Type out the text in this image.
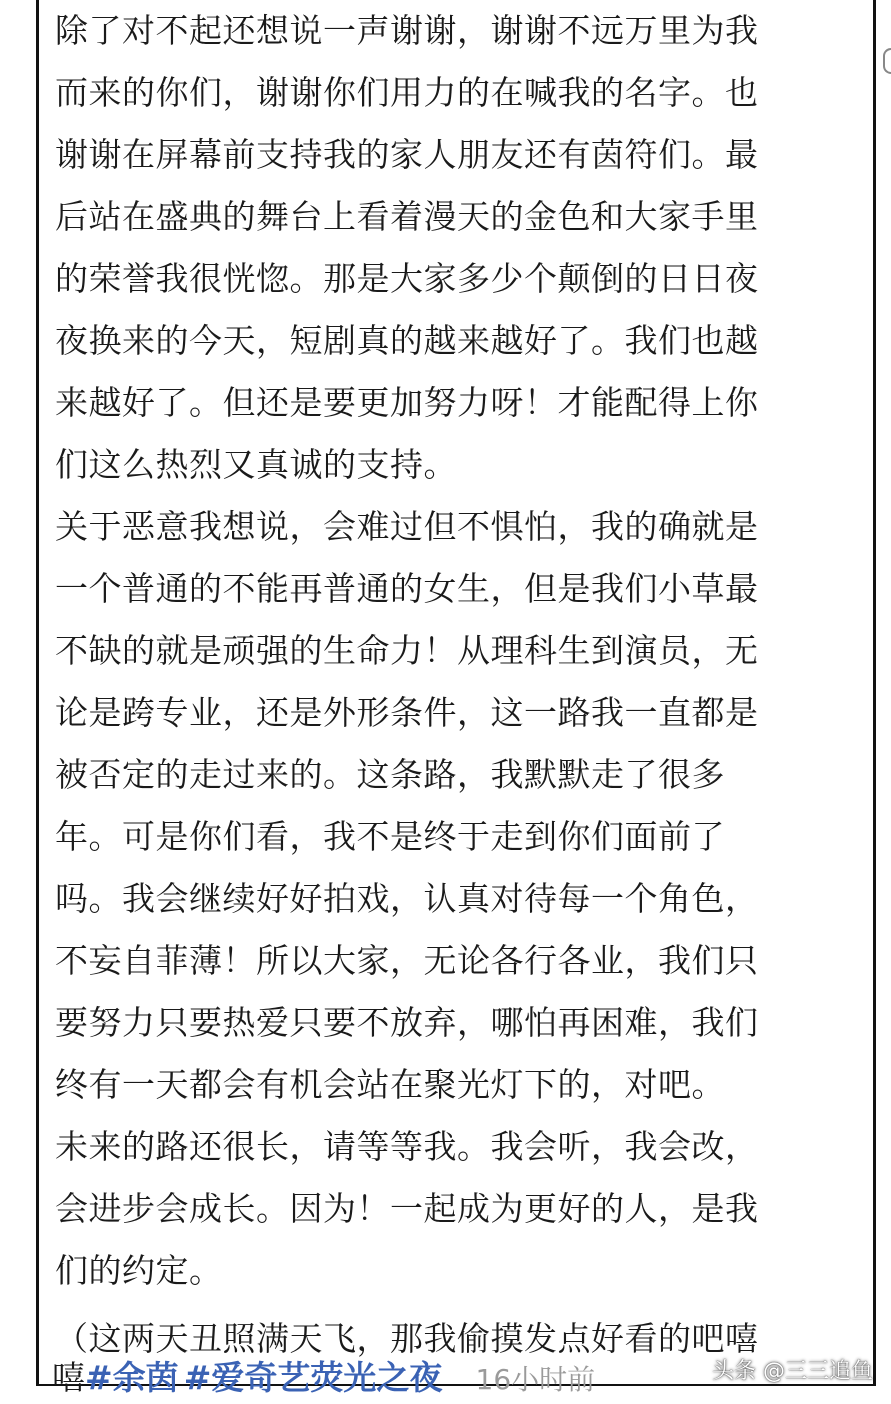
除了对不起还想说一声谢谢，谢谢不远万里为我
而来的你们，谢谢你们用力的在喊我的名字。也
谢谢在屏幕前支持我的家人朋友还有茵符们。最
后站在盛典的舞台上看着漫天的金色和大家手里
的荣誉我很恍惚。那是大家多少个颠倒的日日夜
夜换来的今天，短剧真的越来越好了。我们也越
来越好了。但还是要更加努力呀！才能配得上你
们这么热烈又真诚的支持。
关于恶意我想说，会难过但不惧怕，我的确就是
一个普通的不能再普通的女生，但是我们小草最
不缺的就是顽强的生命力！从理科生到演员，无
论是跨专业，还是外形条件，这一路我一直都是
被否定的走过来的。这条路，我默默走了很多
年。可是你们看，我不是终于走到你们面前了
吗。我会继续好好拍戏，认真对待每一个角色，
不妄自菲薄！所以大家，无论各行各业，我们只
要努力只要热爱只要不放弃，哪怕再困难，我们
终有一天都会有机会站在聚光灯下的，对吧。
未来的路还很长，请等等我。我会听，我会改，
会进步会成长。因为！一起成为更好的人，是我
们的约定。
（这两天丑照满天飞，那我偷摸发点好看的吧嘻
嘻#余茵 #爱奇艺荧光之夜 16小时前	头条 @三三追鱼
